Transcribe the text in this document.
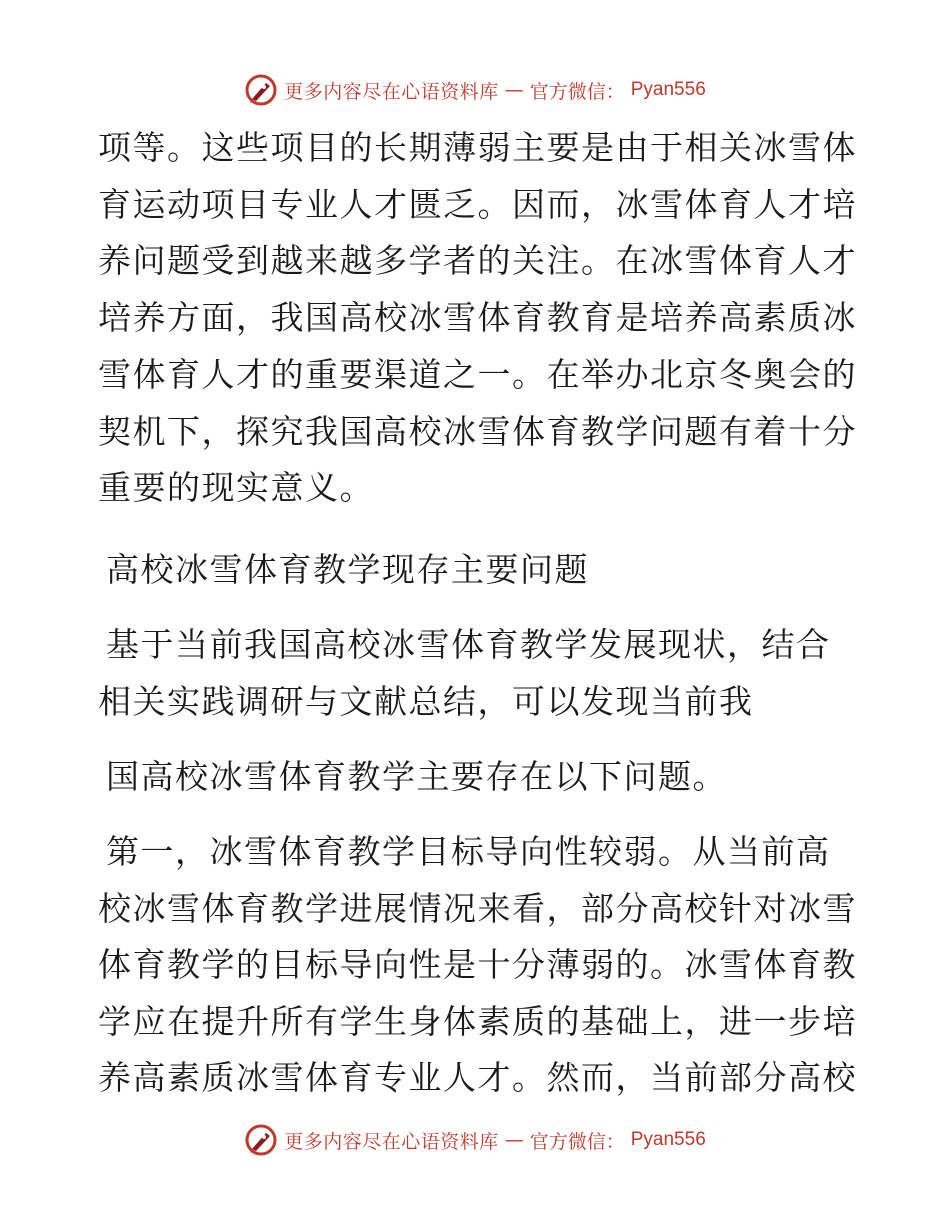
更多内容尽在心语资料库 — 官方微信： Pyan556
项等。这些项目的长期薄弱主要是由于相关冰雪体
育运动项目专业人才匮乏。因而，冰雪体育人才培
养问题受到越来越多学者的关注。在冰雪体育人才
培养方面，我国高校冰雪体育教育是培养高素质冰
雪体育人才的重要渠道之一。在举办北京冬奥会的
契机下，探究我国高校冰雪体育教学问题有着十分
重要的现实意义。
高校冰雪体育教学现存主要问题
基于当前我国高校冰雪体育教学发展现状，结合
相关实践调研与文献总结，可以发现当前我
国高校冰雪体育教学主要存在以下问题。
第一，冰雪体育教学目标导向性较弱。从当前高
校冰雪体育教学进展情况来看，部分高校针对冰雪
体育教学的目标导向性是十分薄弱的。冰雪体育教
学应在提升所有学生身体素质的基础上，进一步培
养高素质冰雪体育专业人才。然而，当前部分高校
更多内容尽在心语资料库 — 官方微信： Pyan556
